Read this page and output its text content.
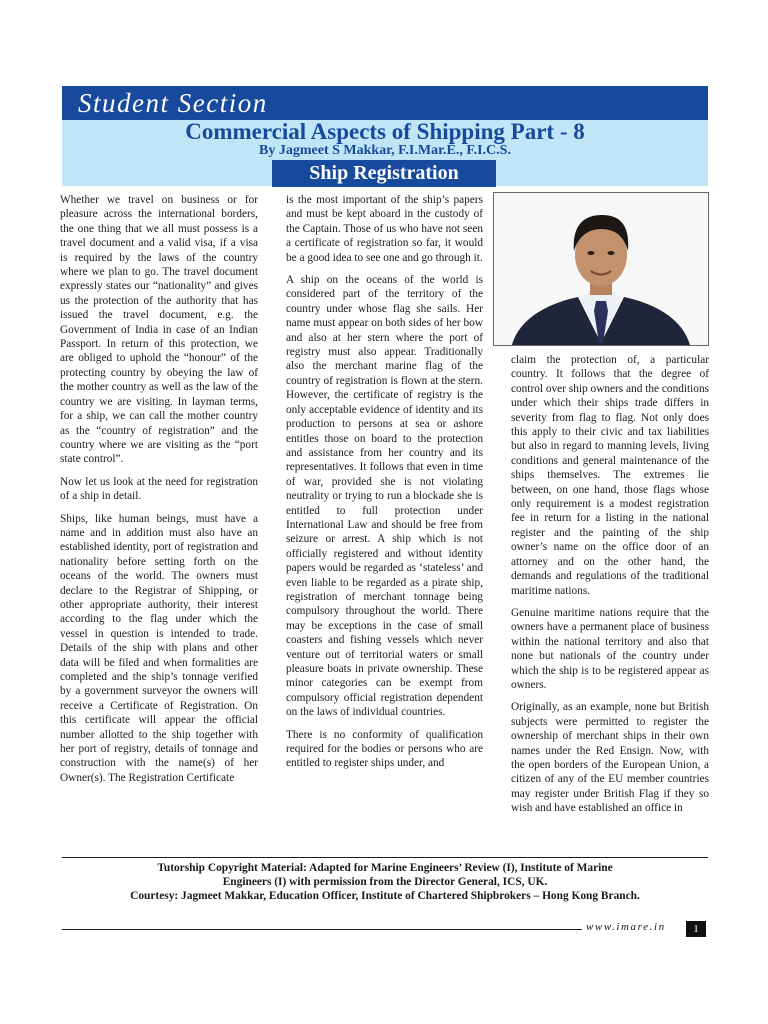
Student Section
Commercial Aspects of Shipping Part - 8
By Jagmeet S Makkar, F.I.Mar.E., F.I.C.S.
Ship Registration

Whether we travel on business or for pleasure across the international borders, the one thing that we all must possess is a travel document and a valid visa, if a visa is required by the laws of the country where we plan to go. The travel document expressly states our “nationality” and gives us the protection of the authority that has issued the travel document, e.g. the Government of India in case of an Indian Passport. In return of this protection, we are obliged to uphold the “honour” of the protecting country by obeying the law of the mother country as well as the law of the country we are visiting. In layman terms, for a ship, we can call the mother country as the “country of registration” and the country where we are visiting as the “port state control”.

Now let us look at the need for registration of a ship in detail.

Ships, like human beings, must have a name and in addition must also have an established identity, port of registration and nationality before setting forth on the oceans of the world. The owners must declare to the Registrar of Shipping, or other appropriate authority, their interest according to the flag under which the vessel in question is intended to trade. Details of the ship with plans and other data will be filed and when formalities are completed and the ship’s tonnage verified by a government surveyor the owners will receive a Certificate of Registration. On this certificate will appear the official number allotted to the ship together with her port of registry, details of tonnage and construction with the name(s) of her Owner(s). The Registration Certificate

is the most important of the ship’s papers and must be kept aboard in the custody of the Captain. Those of us who have not seen a certificate of registration so far, it would be a good idea to see one and go through it.

A ship on the oceans of the world is considered part of the territory of the country under whose flag she sails. Her name must appear on both sides of her bow and also at her stern where the port of registry must also appear. Traditionally also the merchant marine flag of the country of registration is flown at the stern. However, the certificate of registry is the only acceptable evidence of identity and its production to persons at sea or ashore entitles those on board to the protection and assistance from her country and its representatives. It follows that even in time of war, provided she is not violating neutrality or trying to run a blockade she is entitled to full protection under International Law and should be free from seizure or arrest. A ship which is not officially registered and without identity papers would be regarded as ‘stateless’ and even liable to be regarded as a pirate ship, registration of merchant tonnage being compulsory throughout the world. There may be exceptions in the case of small coasters and fishing vessels which never venture out of territorial waters or small pleasure boats in private ownership. These minor categories can be exempt from compulsory official registration dependent on the laws of individual countries.

There is no conformity of qualification required for the bodies or persons who are entitled to register ships under, and

claim the protection of, a particular country. It follows that the degree of control over ship owners and the conditions under which their ships trade differs in severity from flag to flag. Not only does this apply to their civic and tax liabilities but also in regard to manning levels, living conditions and general maintenance of the ships themselves. The extremes lie between, on one hand, those flags whose only requirement is a modest registration fee in return for a listing in the national register and the painting of the ship owner’s name on the office door of an attorney and on the other hand, the demands and regulations of the traditional maritime nations.

Genuine maritime nations require that the owners have a permanent place of business within the national territory and also that none but nationals of the country under which the ship is to be registered appear as owners.

Originally, as an example, none but British subjects were permitted to register the ownership of merchant ships in their own names under the Red Ensign. Now, with the open borders of the European Union, a citizen of any of the EU member countries may register under British Flag if they so wish and have established an office in

Tutorship Copyright Material: Adapted for Marine Engineers’ Review (I), Institute of Marine
Engineers (I) with permission from the Director General, ICS, UK.
Courtesy: Jagmeet Makkar, Education Officer, Institute of Chartered Shipbrokers – Hong Kong Branch.
www.imare.in	1
